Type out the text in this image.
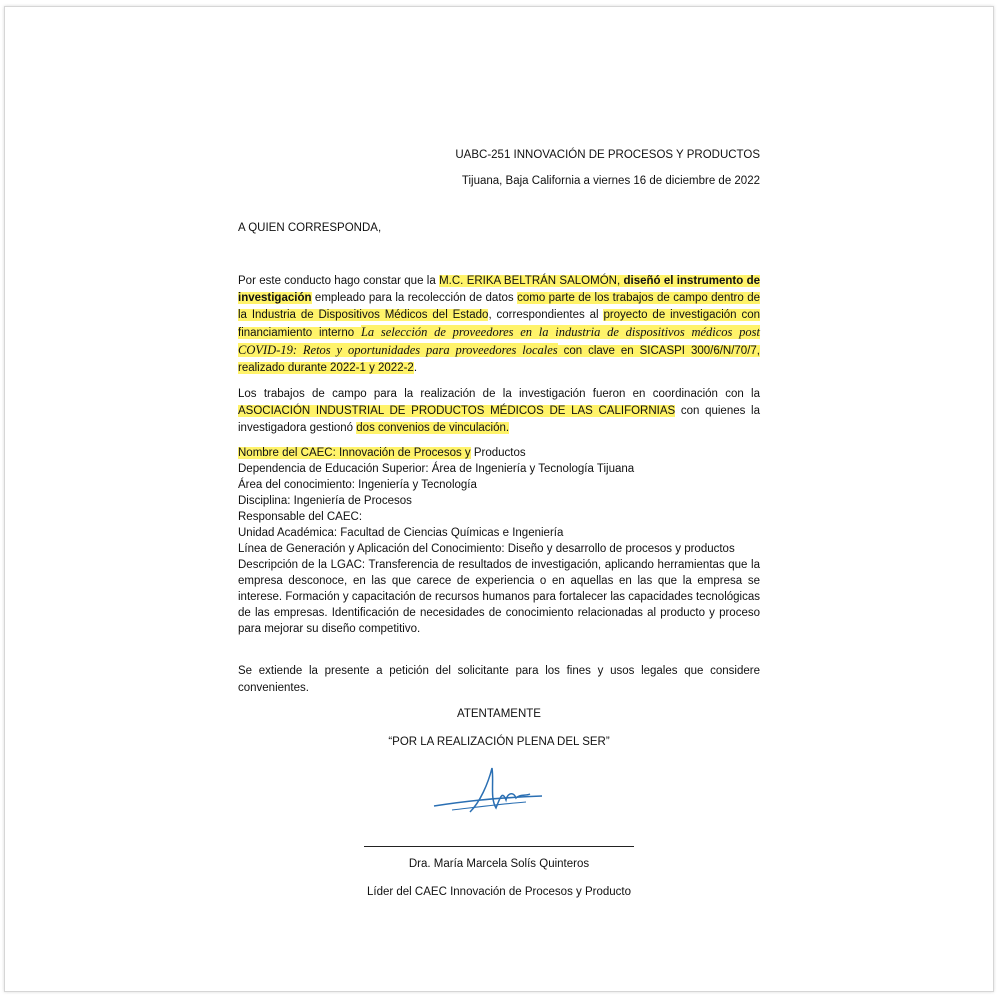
UABC-251 INNOVACIÓN DE PROCESOS Y PRODUCTOS
Tijuana, Baja California a viernes 16 de diciembre de 2022
A QUIEN CORRESPONDA,
Por este conducto hago constar que la M.C. ERIKA BELTRÁN SALOMÓN, diseñó el instrumento de investigación empleado para la recolección de datos como parte de los trabajos de campo dentro de la Industria de Dispositivos Médicos del Estado, correspondientes al proyecto de investigación con financiamiento interno La selección de proveedores en la industria de dispositivos médicos post COVID-19: Retos y oportunidades para proveedores locales con clave en SICASPI 300/6/N/70/7, realizado durante 2022-1 y 2022-2.
Los trabajos de campo para la realización de la investigación fueron en coordinación con la ASOCIACIÓN INDUSTRIAL DE PRODUCTOS MÉDICOS DE LAS CALIFORNIAS con quienes la investigadora gestionó dos convenios de vinculación.
Nombre del CAEC: Innovación de Procesos y Productos
Dependencia de Educación Superior: Área de Ingeniería y Tecnología Tijuana
Área del conocimiento: Ingeniería y Tecnología
Disciplina: Ingeniería de Procesos
Responsable del CAEC:
Unidad Académica: Facultad de Ciencias Químicas e Ingeniería
Línea de Generación y Aplicación del Conocimiento: Diseño y desarrollo de procesos y productos
Descripción de la LGAC: Transferencia de resultados de investigación, aplicando herramientas que la empresa desconoce, en las que carece de experiencia o en aquellas en las que la empresa se interese. Formación y capacitación de recursos humanos para fortalecer las capacidades tecnológicas de las empresas. Identificación de necesidades de conocimiento relacionadas al producto y proceso para mejorar su diseño competitivo.
Se extiende la presente a petición del solicitante para los fines y usos legales que considere convenientes.
ATENTAMENTE
“POR LA REALIZACIÓN PLENA DEL SER”
Dra. María Marcela Solís Quinteros
Líder del CAEC Innovación de Procesos y Producto
